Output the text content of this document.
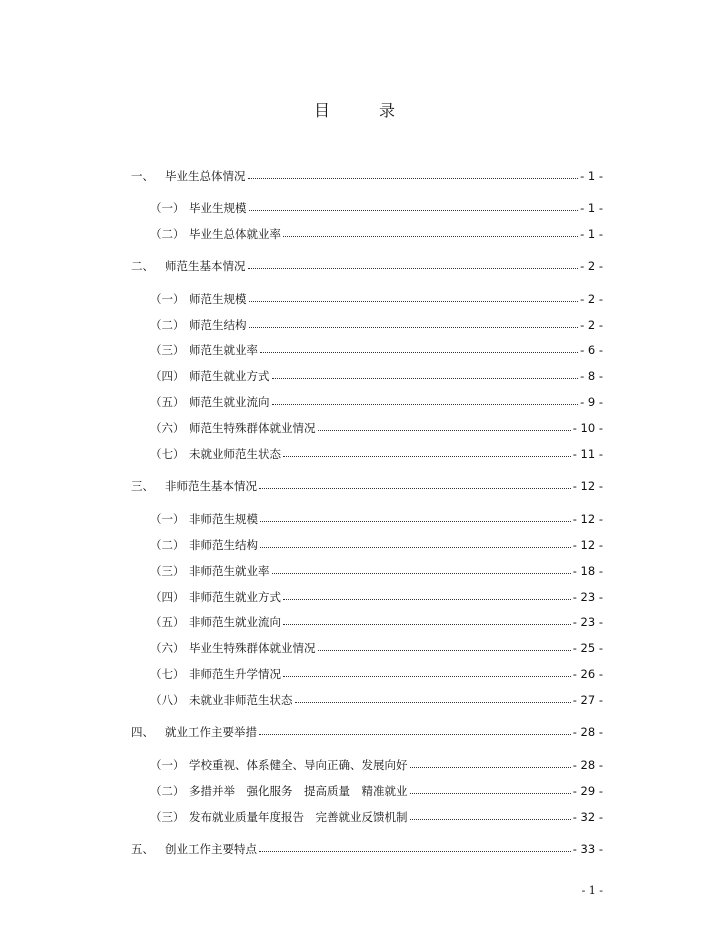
目 录
一、 毕业生总体情况	- 1 -
（一） 毕业生规模	- 1 -
（二） 毕业生总体就业率	- 1 -
二、 师范生基本情况	- 2 -
（一） 师范生规模	- 2 -
（二） 师范生结构	- 2 -
（三） 师范生就业率	- 6 -
（四） 师范生就业方式	- 8 -
（五） 师范生就业流向	- 9 -
（六） 师范生特殊群体就业情况	- 10 -
（七） 未就业师范生状态	- 11 -
三、 非师范生基本情况	- 12 -
（一） 非师范生规模	- 12 -
（二） 非师范生结构	- 12 -
（三） 非师范生就业率	- 18 -
（四） 非师范生就业方式	- 23 -
（五） 非师范生就业流向	- 23 -
（六） 毕业生特殊群体就业情况	- 25 -
（七） 非师范生升学情况	- 26 -
（八） 未就业非师范生状态	- 27 -
四、 就业工作主要举措	- 28 -
（一） 学校重视、体系健全、导向正确、发展向好	- 28 -
（二） 多措并举　强化服务　提高质量　精准就业	- 29 -
（三） 发布就业质量年度报告　完善就业反馈机制	- 32 -
五、 创业工作主要特点	- 33 -
- 1 -
